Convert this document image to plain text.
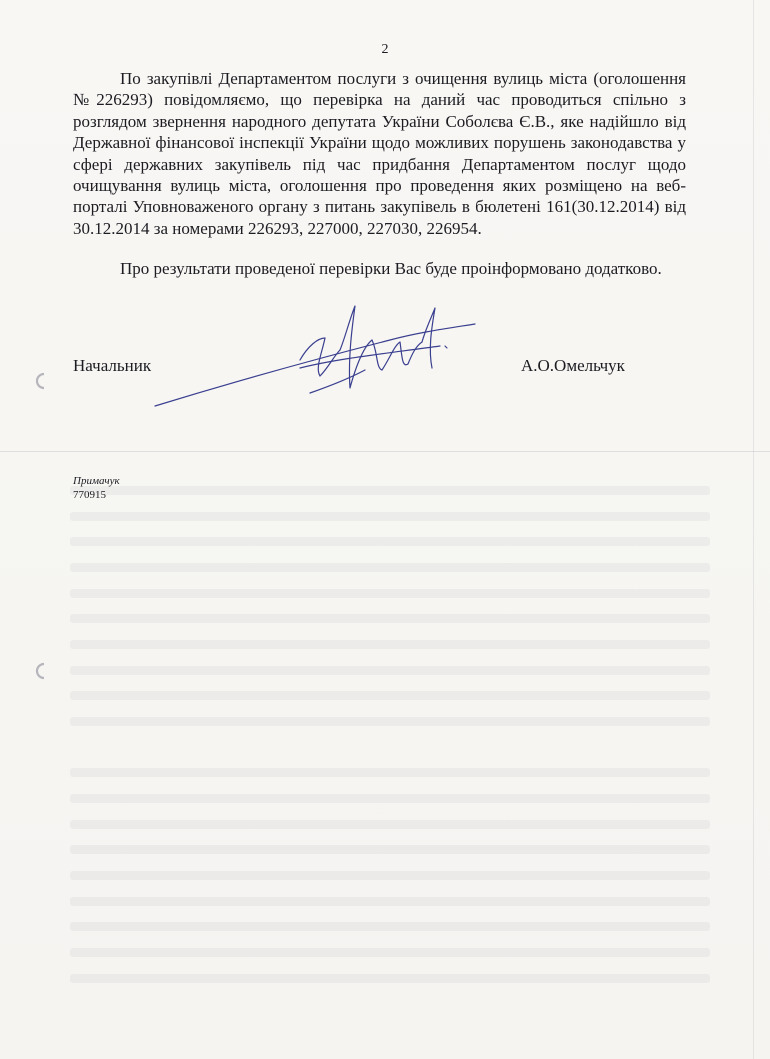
2

По закупівлі Департаментом послуги з очищення вулиць міста (оголошення №226293) повідомляємо, що перевірка на даний час проводиться спільно з розглядом звернення народного депутата України Соболєва Є.В., яке надійшло від Державної фінансової інспекції України щодо можливих порушень законодавства у сфері державних закупівель під час придбання Департаментом послуг щодо очищування вулиць міста, оголошення про проведення яких розміщено на веб-порталі Уповноваженого органу з питань закупівель в бюлетені 161(30.12.2014) від 30.12.2014 за номерами 226293, 227000, 227030, 226954.

Про результати проведеної перевірки Вас буде проінформовано додатково.

Начальник	А.О.Омельчук
Примачук
770915
